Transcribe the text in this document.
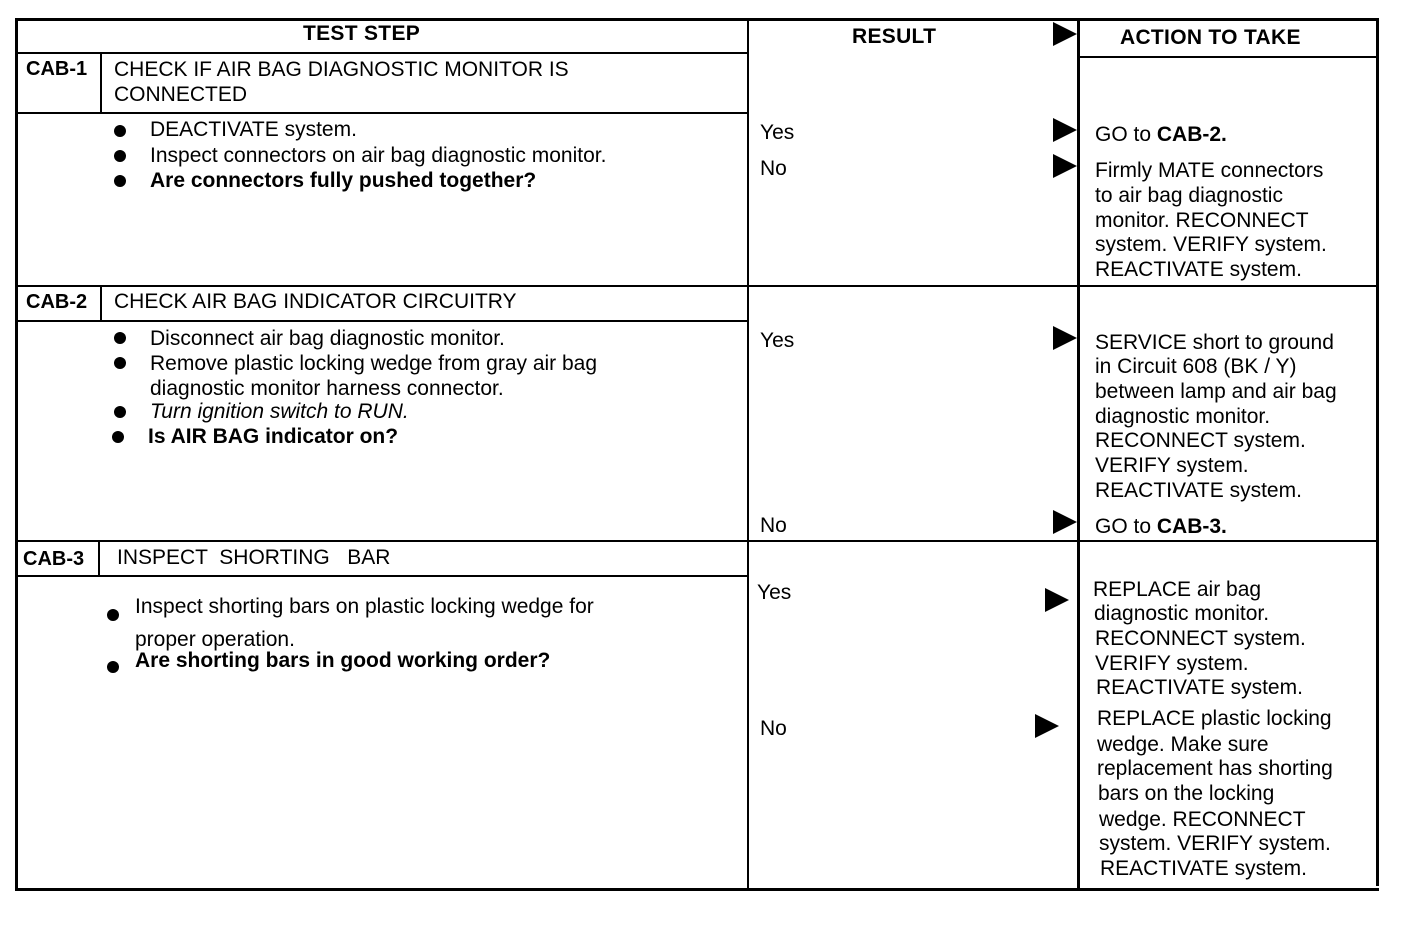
TEST STEP	RESULT	ACTION TO TAKE
CAB-1 CHECK IF AIR BAG DIAGNOSTIC MONITOR IS
CONNECTED
DEACTIVATE system.
Inspect connectors on air bag diagnostic monitor.
Are connectors fully pushed together?
Yes	GO to CAB-2.
No	Firmly MATE connectors
to air bag diagnostic
monitor. RECONNECT
system. VERIFY system.
REACTIVATE system.
CAB-2 CHECK AIR BAG INDICATOR CIRCUITRY
Disconnect air bag diagnostic monitor.
Remove plastic locking wedge from gray air bag
diagnostic monitor harness connector.
Turn ignition switch to RUN.
Is AIR BAG indicator on?
Yes	SERVICE short to ground
in Circuit 608 (BK / Y)
between lamp and air bag
diagnostic monitor.
RECONNECT system.
VERIFY system.
REACTIVATE system.
No	GO to CAB-3.
CAB-3 INSPECT  SHORTING   BAR
Inspect shorting bars on plastic locking wedge for
proper operation.
Are shorting bars in good working order?
Yes	REPLACE air bag
diagnostic monitor.
RECONNECT system.
VERIFY system.
REACTIVATE system.
No	REPLACE plastic locking
wedge. Make sure
replacement has shorting
bars on the locking
wedge. RECONNECT
system. VERIFY system.
REACTIVATE system.
